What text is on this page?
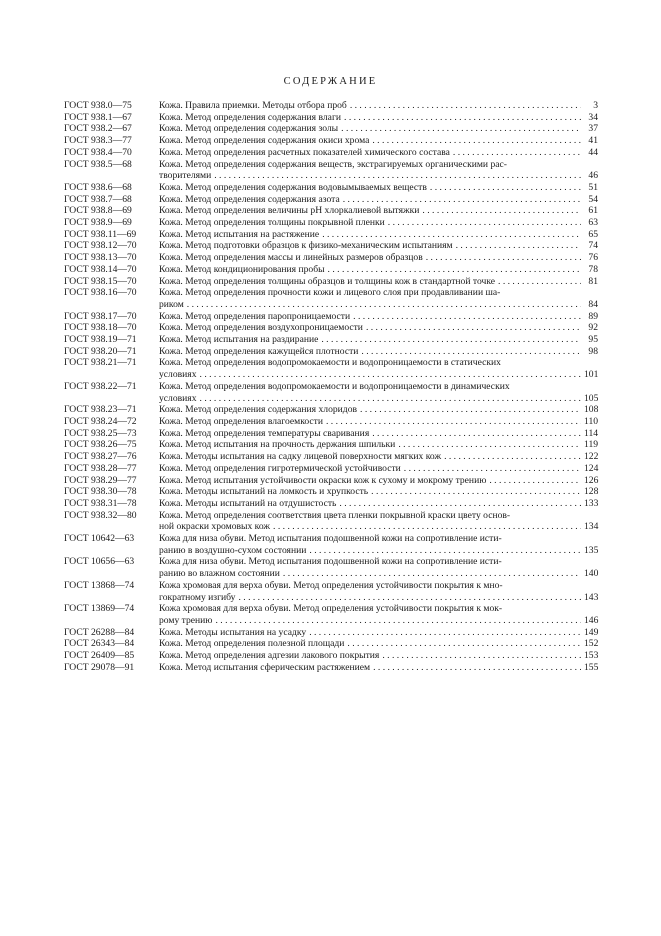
СОДЕРЖАНИЕ
ГОСТ 938.0—75	Кожа. Правила приемки. Методы отбора проб . . .	3
ГОСТ 938.1—67	Кожа. Метод определения содержания влаги . . .	34
ГОСТ 938.2—67	Кожа. Метод определения содержания золы . . .	37
ГОСТ 938.3—77	Кожа. Метод определения содержания окиси хрома . . .	41
ГОСТ 938.4—70	Кожа. Метод определения расчетных показателей химического состава . . .	44
ГОСТ 938.5—68	Кожа. Метод определения содержания веществ, экстрагируемых органическими рас-
творителями . . .	46
ГОСТ 938.6—68	Кожа. Метод определения содержания водовымываемых веществ . . .	51
ГОСТ 938.7—68	Кожа. Метод определения содержания азота . . .	54
ГОСТ 938.8—69	Кожа. Метод определения величины pH хлоркалиевой вытяжки . . .	61
ГОСТ 938.9—69	Кожа. Метод определения толщины покрывной пленки . . .	63
ГОСТ 938.11—69	Кожа. Метод испытания на растяжение . . .	65
ГОСТ 938.12—70	Кожа. Метод подготовки образцов к физико-механическим испытаниям . . .	74
ГОСТ 938.13—70	Кожа. Метод определения массы и линейных размеров образцов . . .	76
ГОСТ 938.14—70	Кожа. Метод кондиционирования пробы . . .	78
ГОСТ 938.15—70	Кожа. Метод определения толщины образцов и толщины кож в стандартной точке . . .	81
ГОСТ 938.16—70	Кожа. Метод определения прочности кожи и лицевого слоя при продавливании ша-
риком . . .	84
ГОСТ 938.17—70	Кожа. Метод определения паропроницаемости . . .	89
ГОСТ 938.18—70	Кожа. Метод определения воздухопроницаемости . . .	92
ГОСТ 938.19—71	Кожа. Метод испытания на раздирание . . .	95
ГОСТ 938.20—71	Кожа. Метод определения кажущейся плотности . . .	98
ГОСТ 938.21—71	Кожа. Метод определения водопромокаемости и водопроницаемости в статических
условиях . . .	101
ГОСТ 938.22—71	Кожа. Метод определения водопромокаемости и водопроницаемости в динамических
условиях . . .	105
ГОСТ 938.23—71	Кожа. Метод определения содержания хлоридов . . .	108
ГОСТ 938.24—72	Кожа. Метод определения влагоемкости . . .	110
ГОСТ 938.25—73	Кожа. Метод определения температуры сваривания . . .	114
ГОСТ 938.26—75	Кожа. Метод испытания на прочность держания шпильки . . .	119
ГОСТ 938.27—76	Кожа. Методы испытания на садку лицевой поверхности мягких кож . . .	122
ГОСТ 938.28—77	Кожа. Метод определения гигротермической устойчивости . . .	124
ГОСТ 938.29—77	Кожа. Метод испытания устойчивости окраски кож к сухому и мокрому трению . . .	126
ГОСТ 938.30—78	Кожа. Методы испытаний на ломкость и хрупкость . . .	128
ГОСТ 938.31—78	Кожа. Методы испытаний на отдушистость . . .	133
ГОСТ 938.32—80	Кожа. Метод определения соответствия цвета пленки покрывной краски цвету основ-
ной окраски хромовых кож . . .	134
ГОСТ 10642—63	Кожа для низа обуви. Метод испытания подошвенной кожи на сопротивление исти-
ранию в воздушно-сухом состоянии . . .	135
ГОСТ 10656—63	Кожа для низа обуви. Метод испытания подошвенной кожи на сопротивление исти-
ранию во влажном состоянии . . .	140
ГОСТ 13868—74	Кожа хромовая для верха обуви. Метод определения устойчивости покрытия к мно-
гократному изгибу . . .	143
ГОСТ 13869—74	Кожа хромовая для верха обуви. Метод определения устойчивости покрытия к мок-
рому трению . . .	146
ГОСТ 26288—84	Кожа. Методы испытания на усадку . . .	149
ГОСТ 26343—84	Кожа. Метод определения полезной площади . . .	152
ГОСТ 26409—85	Кожа. Метод определения адгезии лакового покрытия . . .	153
ГОСТ 29078—91	Кожа. Метод испытания сферическим растяжением . . .	155
